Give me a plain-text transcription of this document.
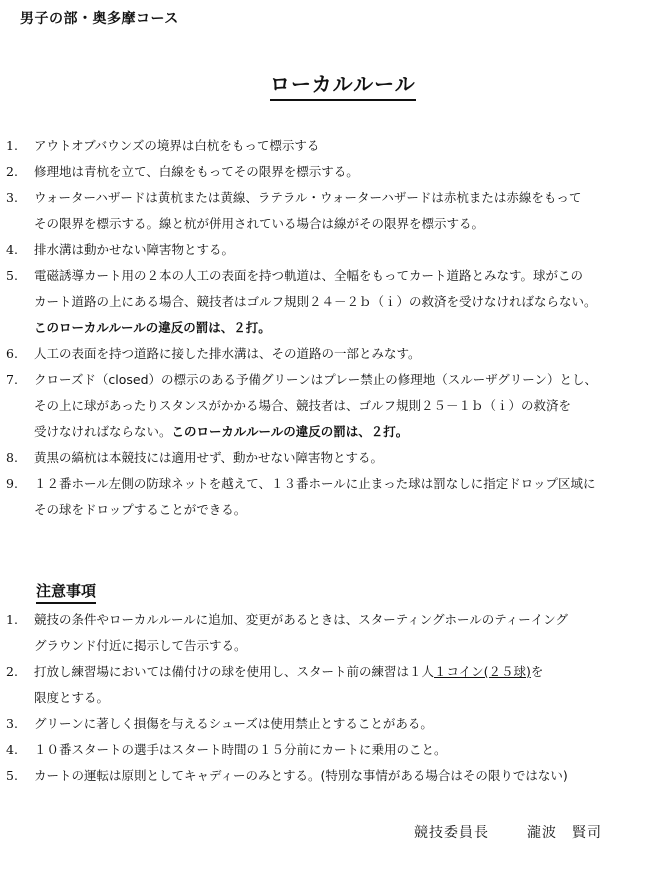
男子の部・奥多摩コース
ローカルルール
1.	アウトオブバウンズの境界は白杭をもって標示する
2.	修理地は青杭を立て、白線をもってその限界を標示する。
3.	ウォーターハザードは黄杭または黄線、ラテラル・ウォーターハザードは赤杭または赤線をもって
その限界を標示する。線と杭が併用されている場合は線がその限界を標示する。
4.	排水溝は動かせない障害物とする。
5.	電磁誘導カート用の２本の人工の表面を持つ軌道は、全幅をもってカート道路とみなす。球がこの
カート道路の上にある場合、競技者はゴルフ規則２４－２ｂ（ｉ）の救済を受けなければならない。
このローカルルールの違反の罰は、２打。
6.	人工の表面を持つ道路に接した排水溝は、その道路の一部とみなす。
7.	クローズド（closed）の標示のある予備グリーンはプレー禁止の修理地（スルーザグリーン）とし、
その上に球があったりスタンスがかかる場合、競技者は、ゴルフ規則２５－１ｂ（ｉ）の救済を
受けなければならない。このローカルルールの違反の罰は、２打。
8.	黄黒の縞杭は本競技には適用せず、動かせない障害物とする。
9.	１２番ホール左側の防球ネットを越えて、１３番ホールに止まった球は罰なしに指定ドロップ区域に
その球をドロップすることができる。
注意事項
1.	競技の条件やローカルルールに追加、変更があるときは、スターティングホールのティーイング
グラウンド付近に掲示して告示する。
2.	打放し練習場においては備付けの球を使用し、スタート前の練習は１人１コイン(２５球)を
限度とする。
3.	グリーンに著しく損傷を与えるシューズは使用禁止とすることがある。
4.	１０番スタートの選手はスタート時間の１５分前にカートに乗用のこと。
5.	カートの運転は原則としてキャディーのみとする。(特別な事情がある場合はその限りではない)
競技委員長	瀧波　賢司
